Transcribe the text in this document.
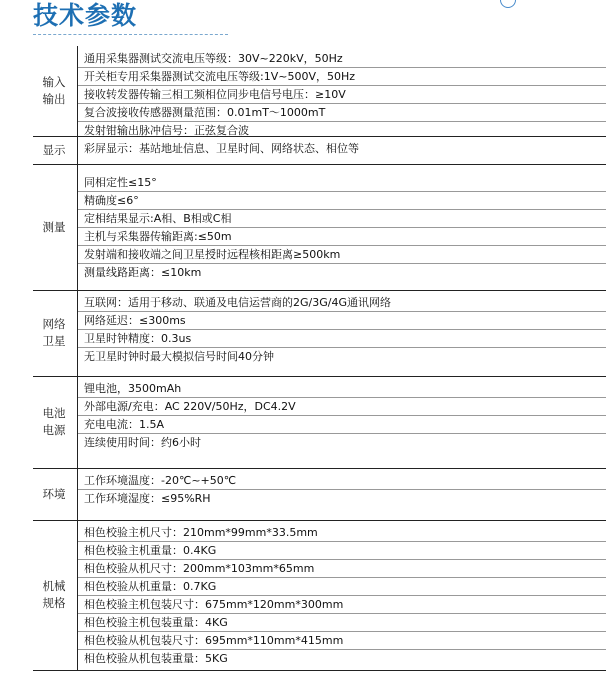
技术参数
输入
输出
通用采集器测试交流电压等级：30V~220kV，50Hz
开关柜专用采集器测试交流电压等级:1V~500V，50Hz
接收转发器传输三相工频相位同步电信号电压：≥10V
复合波接收传感器测量范围：0.01mT～1000mT
发射钳输出脉冲信号：正弦复合波
显示	彩屏显示：基站地址信息、卫星时间、网络状态、相位等
测量
同相定性≤15°
精确度≤6°
定相结果显示:A相、B相或C相
主机与采集器传输距离:≤50m
发射端和接收端之间卫星授时远程核相距离≥500km
测量线路距离：≤10km
网络
卫星
互联网：适用于移动、联通及电信运营商的2G/3G/4G通讯网络
网络延迟：≤300ms
卫星时钟精度：0.3us
无卫星时钟时最大模拟信号时间40分钟
电池
电源
锂电池，3500mAh
外部电源/充电：AC 220V/50Hz，DC4.2V
充电电流：1.5A
连续使用时间：约6小时
环境
工作环境温度：-20℃~+50℃
工作环境湿度：≤95%RH
机械
规格
相色校验主机尺寸：210mm*99mm*33.5mm
相色校验主机重量：0.4KG
相色校验从机尺寸：200mm*103mm*65mm
相色校验从机重量：0.7KG
相色校验主机包装尺寸：675mm*120mm*300mm
相色校验主机包装重量：4KG
相色校验从机包装尺寸：695mm*110mm*415mm
相色校验从机包装重量：5KG
